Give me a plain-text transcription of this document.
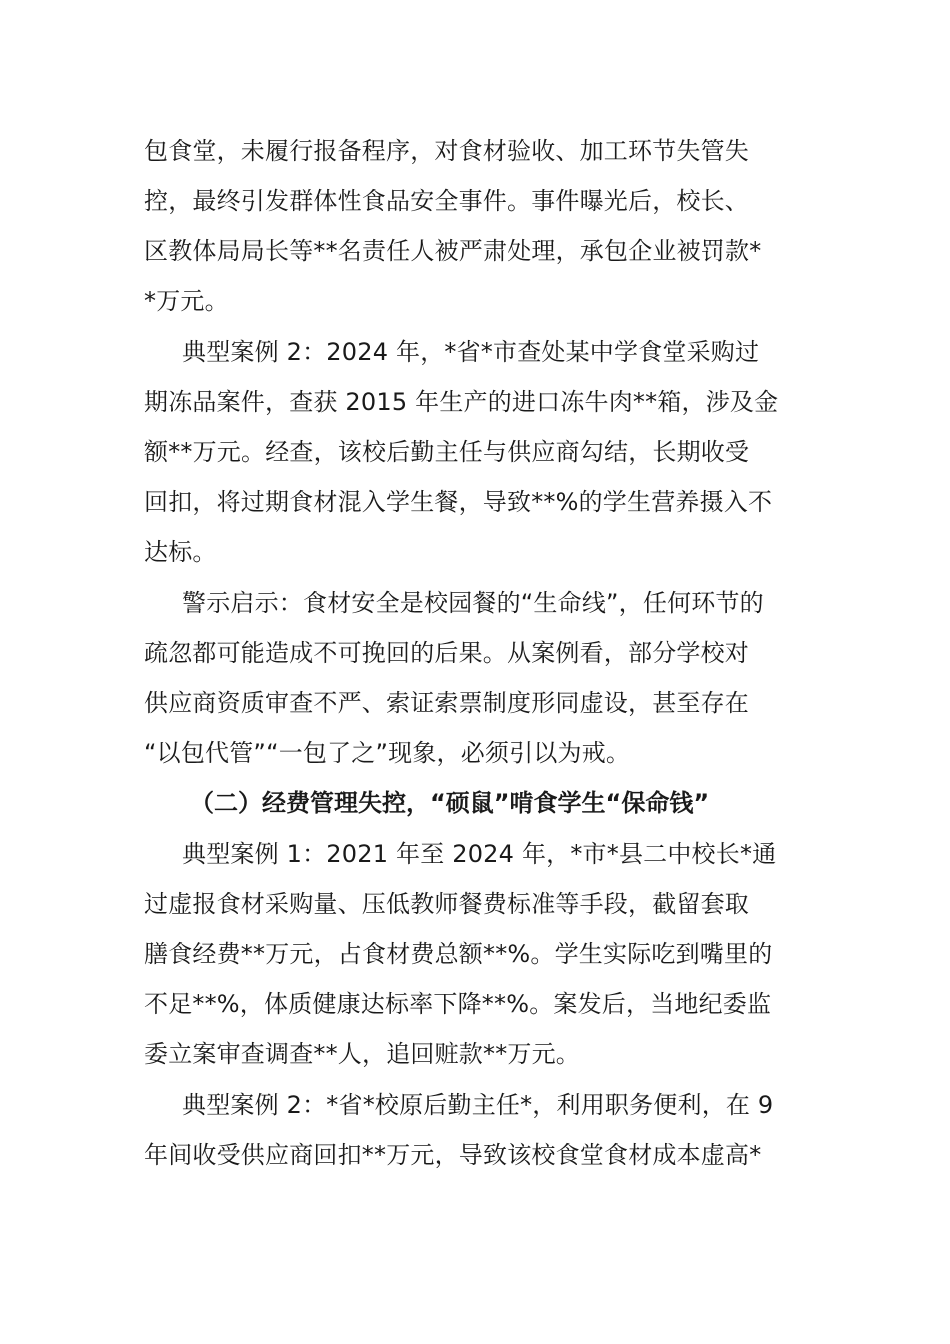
包食堂，未履行报备程序，对食材验收、加工环节失管失
控，最终引发群体性食品安全事件。事件曝光后，校长、
区教体局局长等**名责任人被严肃处理，承包企业被罚款*
*万元。
典型案例 2：2024 年，*省*市查处某中学食堂采购过
期冻品案件，查获 2015 年生产的进口冻牛肉**箱，涉及金
额**万元。经查，该校后勤主任与供应商勾结，长期收受
回扣，将过期食材混入学生餐，导致**%的学生营养摄入不
达标。
警示启示：食材安全是校园餐的“生命线”，任何环节的
疏忽都可能造成不可挽回的后果。从案例看，部分学校对
供应商资质审查不严、索证索票制度形同虚设，甚至存在
“以包代管”“一包了之”现象，必须引以为戒。
（二）经费管理失控，“硕鼠”啃食学生“保命钱”
典型案例 1：2021 年至 2024 年，*市*县二中校长*通
过虚报食材采购量、压低教师餐费标准等手段，截留套取
膳食经费**万元，占食材费总额**%。学生实际吃到嘴里的
不足**%，体质健康达标率下降**%。案发后，当地纪委监
委立案审查调查**人，追回赃款**万元。
典型案例 2：*省*校原后勤主任*，利用职务便利，在 9
年间收受供应商回扣**万元，导致该校食堂食材成本虚高*
